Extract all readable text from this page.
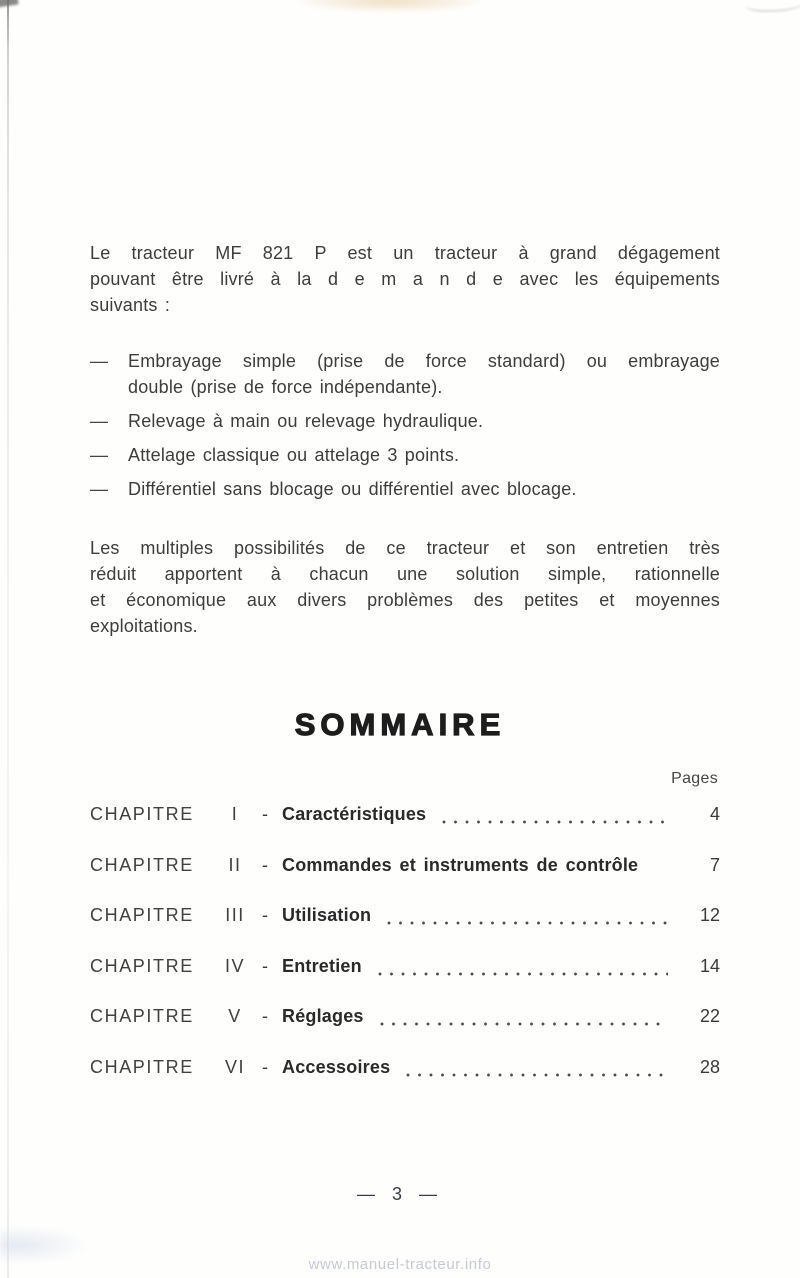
Le tracteur MF 821 P est un tracteur à grand dégagement
pouvant être livré à la d e m a n d e avec les équipements
suivants :
—	Embrayage simple (prise de force standard) ou embrayage
double (prise de force indépendante).
—	Relevage à main ou relevage hydraulique.
—	Attelage classique ou attelage 3 points.
—	Différentiel sans blocage ou différentiel avec blocage.
Les multiples possibilités de ce tracteur et son entretien très
réduit apportent à chacun une solution simple, rationnelle
et économique aux divers problèmes des petites et moyennes
exploitations.
SOMMAIRE
Pages
CHAPITRE	I	- Caractéristiques	4
CHAPITRE	II	- Commandes et instruments de contrôle	7
CHAPITRE	III - Utilisation	12
CHAPITRE	IV - Entretien	14
CHAPITRE	V	- Réglages	22
CHAPITRE	VI - Accessoires	28
— 3 —
www.manuel-tracteur.info
